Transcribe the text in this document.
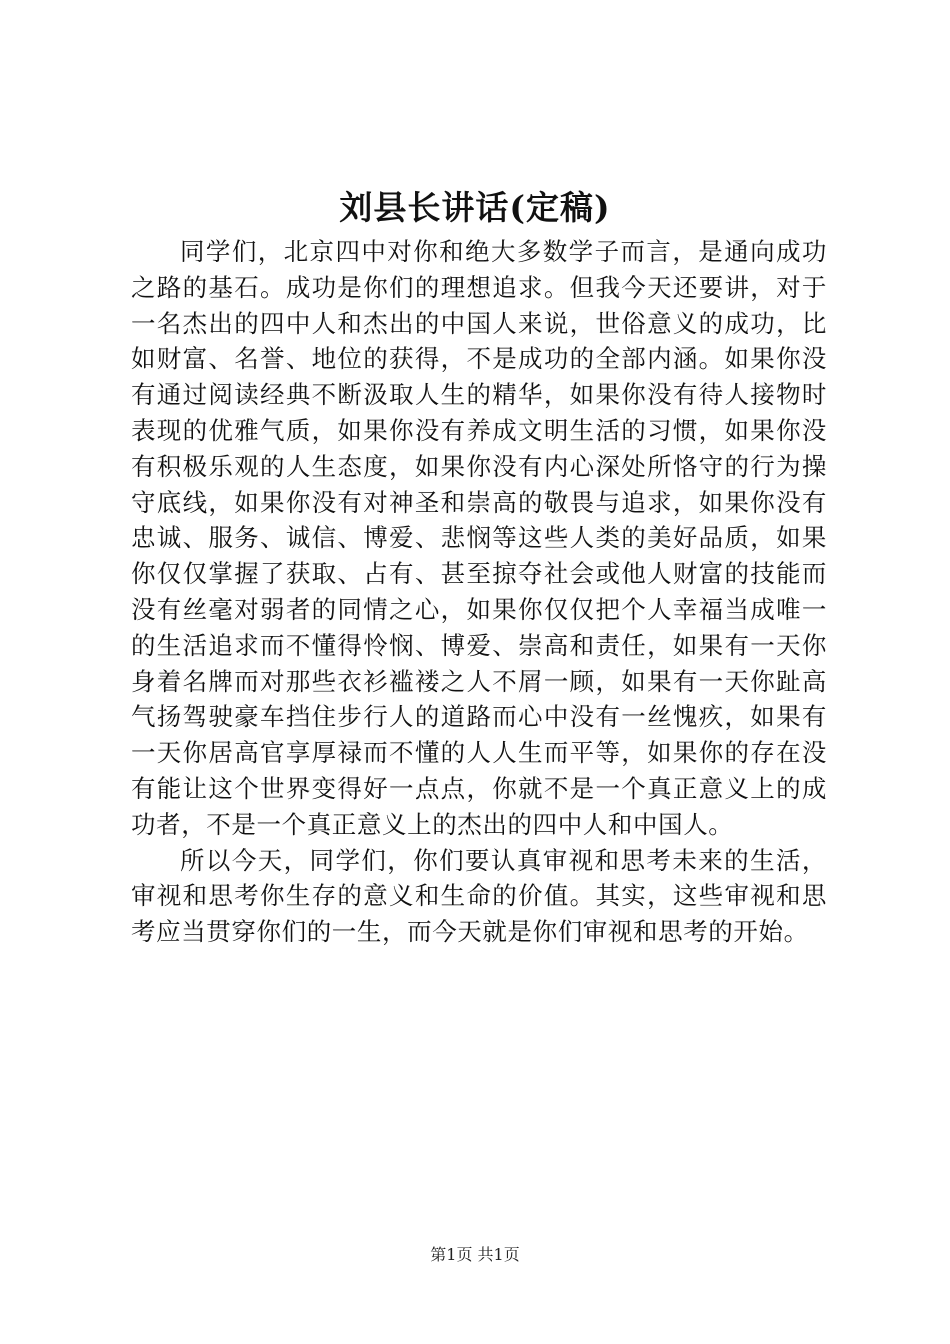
刘县长讲话(定稿)

同学们，北京四中对你和绝大多数学子而言，是通向成功之路的基石。成功是你们的理想追求。但我今天还要讲，对于一名杰出的四中人和杰出的中国人来说，世俗意义的成功，比如财富、名誉、地位的获得，不是成功的全部内涵。如果你没有通过阅读经典不断汲取人生的精华，如果你没有待人接物时表现的优雅气质，如果你没有养成文明生活的习惯，如果你没有积极乐观的人生态度，如果你没有内心深处所恪守的行为操守底线，如果你没有对神圣和崇高的敬畏与追求，如果你没有忠诚、服务、诚信、博爱、悲悯等这些人类的美好品质，如果你仅仅掌握了获取、占有、甚至掠夺社会或他人财富的技能而没有丝毫对弱者的同情之心，如果你仅仅把个人幸福当成唯一的生活追求而不懂得怜悯、博爱、崇高和责任，如果有一天你身着名牌而对那些衣衫褴褛之人不屑一顾，如果有一天你趾高气扬驾驶豪车挡住步行人的道路而心中没有一丝愧疚，如果有一天你居高官享厚禄而不懂的人人生而平等，如果你的存在没有能让这个世界变得好一点点，你就不是一个真正意义上的成功者，不是一个真正意义上的杰出的四中人和中国人。

所以今天，同学们，你们要认真审视和思考未来的生活，审视和思考你生存的意义和生命的价值。其实，这些审视和思考应当贯穿你们的一生，而今天就是你们审视和思考的开始。

第1页 共1页
